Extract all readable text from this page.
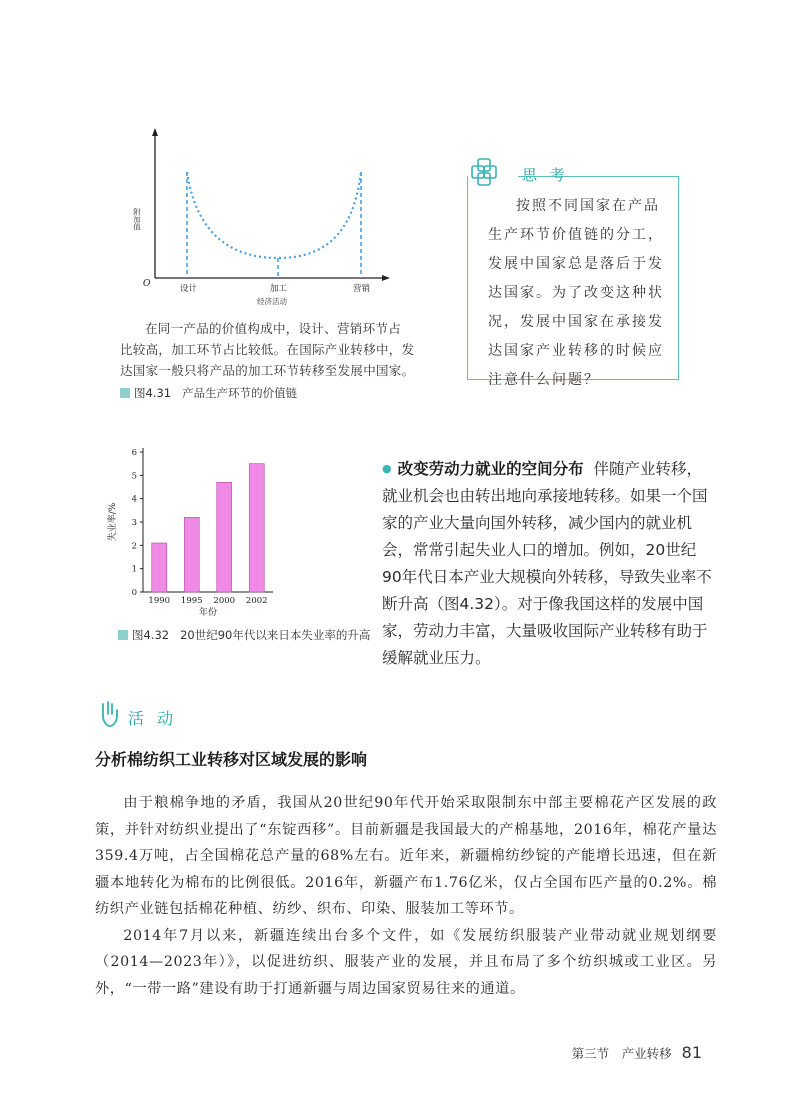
附加值
O	设计	加工	营销
经济活动
在同一产品的价值构成中，设计、营销环节占
比较高，加工环节占比较低。在国际产业转移中，发
达国家一般只将产品的加工环节转移至发展中国家。
图4.31 产品生产环节的价值链
思 考
按照不同国家在产品
生产环节价值链的分工，
发展中国家总是落后于发
达国家。为了改变这种状
况，发展中国家在承接发
达国家产业转移的时候应
注意什么问题？
0
1
2
3
4
5
6
1990 1995 2000 2002
失业率/%
年份
图4.32 20世纪90年代以来日本失业率的升高
● 改变劳动力就业的空间分布 伴随产业转移，就业机会也由转出地向承接地转移。如果一个国家的产业大量向国外转移，减少国内的就业机会，常常引起失业人口的增加。例如，20世纪90年代日本产业大规模向外转移，导致失业率不断升高（图4.32）。对于像我国这样的发展中国家，劳动力丰富，大量吸收国际产业转移有助于缓解就业压力。
活 动
分析棉纺织工业转移对区域发展的影响

由于粮棉争地的矛盾，我国从20世纪90年代开始采取限制东中部主要棉花产区发展的政策，并针对纺织业提出了“东锭西移”。目前新疆是我国最大的产棉基地，2016年，棉花产量达359.4万吨，占全国棉花总产量的68%左右。近年来，新疆棉纺纱锭的产能增长迅速，但在新疆本地转化为棉布的比例很低。2016年，新疆产布1.76亿米，仅占全国布匹产量的0.2%。棉纺织产业链包括棉花种植、纺纱、织布、印染、服装加工等环节。

2014年7月以来，新疆连续出台多个文件，如《发展纺织服装产业带动就业规划纲要（2014—2023年）》，以促进纺织、服装产业的发展，并且布局了多个纺织城或工业区。另外，“一带一路”建设有助于打通新疆与周边国家贸易往来的通道。

第三节　产业转移 81
